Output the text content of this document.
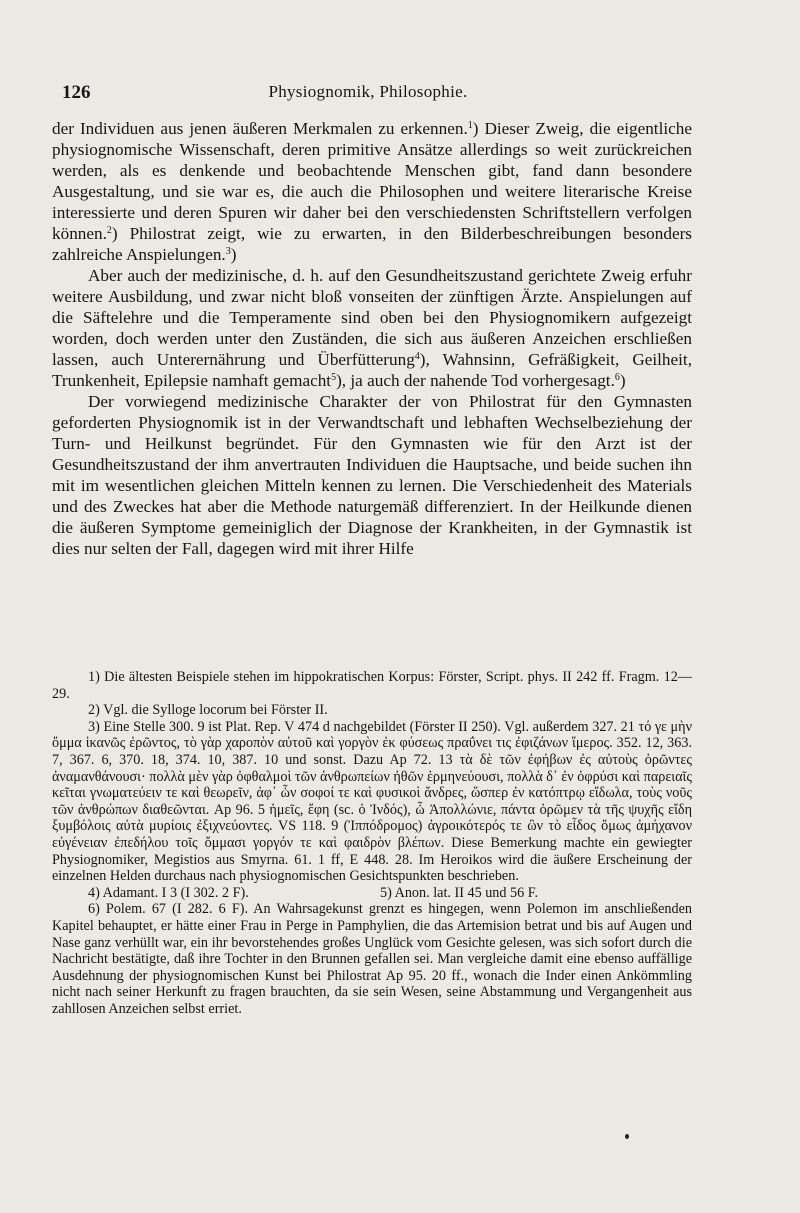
126	Physiognomik, Philosophie.

der Individuen aus jenen äußeren Merkmalen zu erkennen.$^1$) Dieser Zweig, die eigentliche physiognomische Wissenschaft, deren primitive Ansätze allerdings so weit zurückreichen werden, als es denkende und beobachtende Menschen gibt, fand dann besondere Ausgestaltung, und sie war es, die auch die Philosophen und weitere literarische Kreise interessierte und deren Spuren wir daher bei den verschiedensten Schriftstellern verfolgen können.$^2$) Philostrat zeigt, wie zu erwarten, in den Bilderbeschreibungen besonders zahlreiche Anspielungen.$^3$)

Aber auch der medizinische, d. h. auf den Gesundheitszustand gerichtete Zweig erfuhr weitere Ausbildung, und zwar nicht bloß vonseiten der zünftigen Ärzte. Anspielungen auf die Säftelehre und die Temperamente sind oben bei den Physiognomikern aufgezeigt worden, doch werden unter den Zuständen, die sich aus äußeren Anzeichen erschließen lassen, auch Unterernährung und Überfütterung$^4$), Wahnsinn, Gefräßigkeit, Geilheit, Trunkenheit, Epilepsie namhaft gemacht$^5$), ja auch der nahende Tod vorhergesagt.$^6$)

Der vorwiegend medizinische Charakter der von Philostrat für den Gymnasten geforderten Physiognomik ist in der Verwandtschaft und lebhaften Wechselbeziehung der Turn- und Heilkunst begründet. Für den Gymnasten wie für den Arzt ist der Gesundheitszustand der ihm anvertrauten Individuen die Hauptsache, und beide suchen ihn mit im wesentlichen gleichen Mitteln kennen zu lernen. Die Verschiedenheit des Materials und des Zweckes hat aber die Methode naturgemäß differenziert. In der Heilkunde dienen die äußeren Symptome gemeiniglich der Diagnose der Krankheiten, in der Gymnastik ist dies nur selten der Fall, dagegen wird mit ihrer Hilfe

1) Die ältesten Beispiele stehen im hippokratischen Korpus: Förster, Script. phys. II 242 ff. Fragm. 12—29.

2) Vgl. die Sylloge locorum bei Förster II.

3) Eine Stelle 300. 9 ist Plat. Rep. V 474 d nachgebildet (Förster II 250). Vgl. außerdem 327. 21 τό γε μὴν ὄμμα ἱκανῶς ἐρῶντος, τὸ γὰρ χαροπὸν αὐτοῦ καὶ γοργὸν ἐκ φύσεως πραΰνει τις ἐφιζάνων ἵμερος. 352. 12, 363. 7, 367. 6, 370. 18, 374. 10, 387. 10 und sonst. Dazu Ap 72. 13 τὰ δὲ τῶν ἐφήβων ἐς αὐτοὺς ὁρῶντες ἀναμανθάνουσι· πολλὰ μὲν γὰρ ὀφθαλμοὶ τῶν ἀνθρωπείων ἠθῶν ἑρμηνεύουσι, πολλὰ δ᾽ ἐν ὀφρύσι καὶ παρειαῖς κεῖται γνωματεύειν τε καὶ θεωρεῖν, ἀφ᾽ ὧν σοφοί τε καὶ φυσικοὶ ἄνδρες, ὥσπερ ἐν κατόπτρῳ εἴδωλα, τοὺς νοῦς τῶν ἀνθρώπων διαθεῶνται. Ap 96. 5 ἡμεῖς, ἔφη (sc. ὁ Ἰνδός), ὦ Ἀπολλώνιε, πάντα ὁρῶμεν τὰ τῆς ψυχῆς εἴδη ξυμβόλοις αὐτὰ μυρίοις ἐξιχνεύοντες. VS 118. 9 (Ἱππόδρομος) ἀγροικότερός τε ὢν τὸ εἶδος ὅμως ἀμήχανον εὐγένειαν ἐπεδήλου τοῖς ὄμμασι γοργόν τε καὶ φαιδρὸν βλέπων. Diese Bemerkung machte ein gewiegter Physiognomiker, Megistios aus Smyrna. 61. 1 ff, E 448. 28. Im Heroikos wird die äußere Erscheinung der einzelnen Helden durchaus nach physiognomischen Gesichtspunkten beschrieben.

4) Adamant. I 3 (I 302. 2 F).	5) Anon. lat. II 45 und 56 F.

6) Polem. 67 (I 282. 6 F). An Wahrsagekunst grenzt es hingegen, wenn Polemon im anschließenden Kapitel behauptet, er hätte einer Frau in Perge in Pamphylien, die das Artemision betrat und bis auf Augen und Nase ganz verhüllt war, ein ihr bevorstehendes großes Unglück vom Gesichte gelesen, was sich sofort durch die Nachricht bestätigte, daß ihre Tochter in den Brunnen gefallen sei. Man vergleiche damit eine ebenso auffällige Ausdehnung der physiognomischen Kunst bei Philostrat Ap 95. 20 ff., wonach die Inder einen Ankömmling nicht nach seiner Herkunft zu fragen brauchten, da sie sein Wesen, seine Abstammung und Vergangenheit aus zahllosen Anzeichen selbst erriet.
